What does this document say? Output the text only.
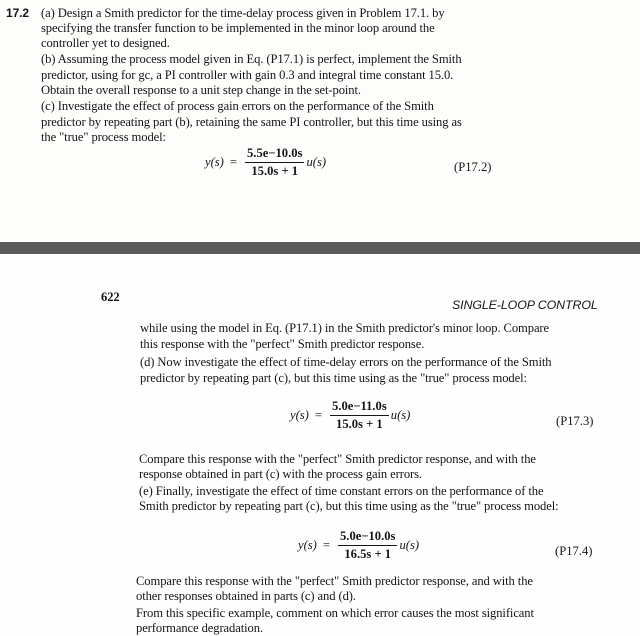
17.2 (a) Design a Smith predictor for the time-delay process given in Problem 17.1. by
specifying the transfer function to be implemented in the minor loop around the
controller yet to designed.
(b) Assuming the process model given in Eq. (P17.1) is perfect, implement the Smith
predictor, using for gс, a PI controller with gain 0.3 and integral time constant 15.0.
Obtain the overall response to a unit step change in the set-point.
(c) Investigate the effect of process gain errors on the performance of the Smith
predictor by repeating part (b), retaining the same PI controller, but this time using as
the "true" process model:
$y(s) = \frac{5.5e-10.0s}{15.0s + 1} u(s)$	(P17.2)
622
SINGLE-LOOP CONTROL
while using the model in Eq. (P17.1) in the Smith predictor's minor loop. Compare
this response with the "perfect" Smith predictor response.
(d) Now investigate the effect of time-delay errors on the performance of the Smith
predictor by repeating part (c), but this time using as the "true" process model:
$y(s) = \frac{5.0e-11.0s}{15.0s + 1} u(s)$	(P17.3)
Compare this response with the "perfect" Smith predictor response, and with the
response obtained in part (c) with the process gain errors.
(e) Finally, investigate the effect of time constant errors on the performance of the
Smith predictor by repeating part (c), but this time using as the "true" process model:
$y(s) = \frac{5.0e-10.0s}{16.5s + 1} u(s)$	(P17.4)
Compare this response with the "perfect" Smith predictor response, and with the
other responses obtained in parts (c) and (d).
From this specific example, comment on which error causes the most significant
performance degradation.
